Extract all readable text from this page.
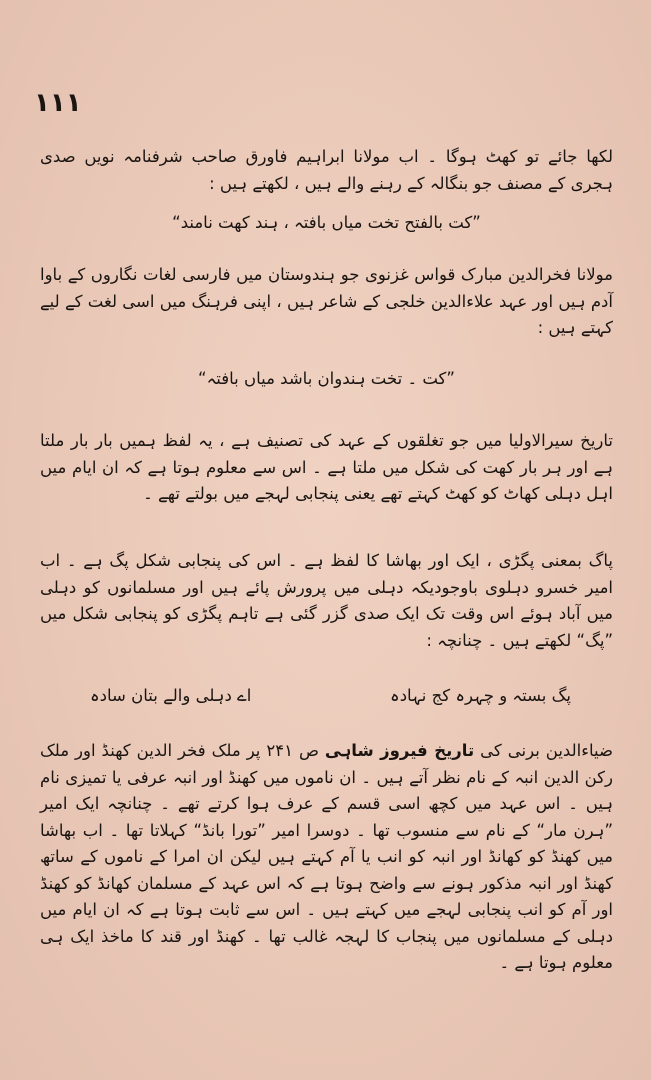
١١١

لکھا جائے تو کھٹ ہوگا ۔ اب مولانا ابراہیم فاورق صاحب شرفنامہ نویں صدی ہجری کے مصنف جو بنگالہ کے رہنے والے ہیں ، لکھتے ہیں :

”کت بالفتح تخت میاں بافتہ ، ہند کھت نامند“

مولانا فخرالدین مبارک قواس غزنوی جو ہندوستان میں فارسی لغات نگاروں کے باوا آدم ہیں اور عہد علاءالدین خلجی کے شاعر ہیں ، اپنی فرہنگ میں اسی لغت کے لیے کہتے ہیں :

”کت ۔ تخت ہندوان باشد میاں بافتہ“

تاریخ سیرالاولیا میں جو تغلقوں کے عہد کی تصنیف ہے ، یہ لفظ ہمیں بار بار ملتا ہے اور ہر بار کھت کی شکل میں ملتا ہے ۔ اس سے معلوم ہوتا ہے کہ ان ایام میں اہل دہلی کھاٹ کو کھٹ کہتے تھے یعنی پنجابی لہجے میں بولتے تھے ۔

پاگ بمعنی پگڑی ، ایک اور بھاشا کا لفظ ہے ۔ اس کی پنجابی شکل پگ ہے ۔ اب امیر خسرو دہلوی باوجودیکہ دہلی میں پرورش پائے ہیں اور مسلمانوں کو دہلی میں آباد ہوئے اس وقت تک ایک صدی گزر گئی ہے تاہم پگڑی کو پنجابی شکل میں ”پگ“ لکھتے ہیں ۔ چنانچہ :

پگ بستہ و چہرہ کج نہادہ
اے دہلی والے بتان سادہ

ضیاءالدین برنی کی تاریخ فیروز شاہی ص ۲۴۱ پر ملک فخر الدین کھنڈ اور ملک رکن الدین انبہ کے نام نظر آتے ہیں ۔ ان ناموں میں کھنڈ اور انبہ عرفی یا تمیزی نام ہیں ۔ اس عہد میں کچھ اسی قسم کے عرف ہوا کرتے تھے ۔ چنانچہ ایک امیر ”ہرن مار“ کے نام سے منسوب تھا ۔ دوسرا امیر ”تورا بانڈ“ کہلاتا تھا ۔ اب بھاشا میں کھنڈ کو کھانڈ اور انبہ کو انب یا آم کہتے ہیں لیکن ان امرا کے ناموں کے ساتھ کھنڈ اور انبہ مذکور ہونے سے واضح ہوتا ہے کہ اس عہد کے مسلمان کھانڈ کو کھنڈ اور آم کو انب پنجابی لہجے میں کہتے ہیں ۔ اس سے ثابت ہوتا ہے کہ ان ایام میں دہلی کے مسلمانوں میں پنجاب کا لہجہ غالب تھا ۔ کھنڈ اور قند کا ماخذ ایک ہی معلوم ہوتا ہے ۔
